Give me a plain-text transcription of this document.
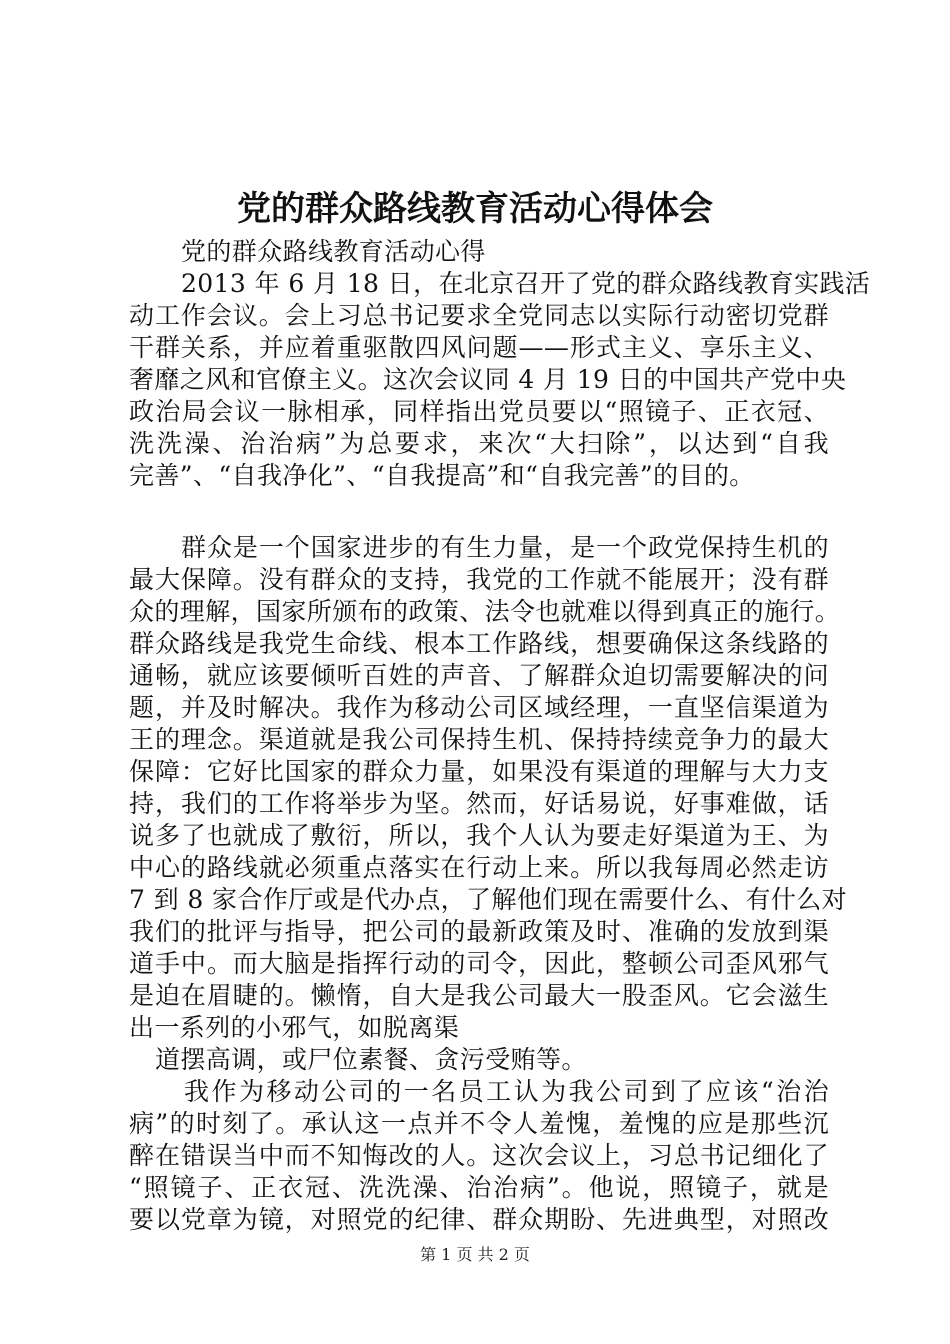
党的群众路线教育活动心得体会
党的群众路线教育活动心得
2013 年 6 月 18 日，在北京召开了党的群众路线教育实践活
动工作会议。会上习总书记要求全党同志以实际行动密切党群
干群关系，并应着重驱散四风问题——形式主义、享乐主义、
奢靡之风和官僚主义。这次会议同 4 月 19 日的中国共产党中央
政治局会议一脉相承，同样指出党员要以“照镜子、正衣冠、
洗洗澡、治治病”为总要求，来次“大扫除”，以达到“自我
完善”、“自我净化”、“自我提高”和“自我完善”的目的。
群众是一个国家进步的有生力量，是一个政党保持生机的
最大保障。没有群众的支持，我党的工作就不能展开；没有群
众的理解，国家所颁布的政策、法令也就难以得到真正的施行。
群众路线是我党生命线、根本工作路线，想要确保这条线路的
通畅，就应该要倾听百姓的声音、了解群众迫切需要解决的问
题，并及时解决。我作为移动公司区域经理，一直坚信渠道为
王的理念。渠道就是我公司保持生机、保持持续竞争力的最大
保障：它好比国家的群众力量，如果没有渠道的理解与大力支
持，我们的工作将举步为坚。然而，好话易说，好事难做，话
说多了也就成了敷衍，所以，我个人认为要走好渠道为王、为
中心的路线就必须重点落实在行动上来。所以我每周必然走访
7 到 8 家合作厅或是代办点，了解他们现在需要什么、有什么对
我们的批评与指导，把公司的最新政策及时、准确的发放到渠
道手中。而大脑是指挥行动的司令，因此，整顿公司歪风邪气
是迫在眉睫的。懒惰，自大是我公司最大一股歪风。它会滋生
出一系列的小邪气，如脱离渠
道摆高调，或尸位素餐、贪污受贿等。
我作为移动公司的一名员工认为我公司到了应该“治治
病”的时刻了。承认这一点并不令人羞愧，羞愧的应是那些沉
醉在错误当中而不知悔改的人。这次会议上，习总书记细化了
“照镜子、正衣冠、洗洗澡、治治病”。他说，照镜子，就是
要以党章为镜，对照党的纪律、群众期盼、先进典型，对照改
第 1 页 共 2 页
